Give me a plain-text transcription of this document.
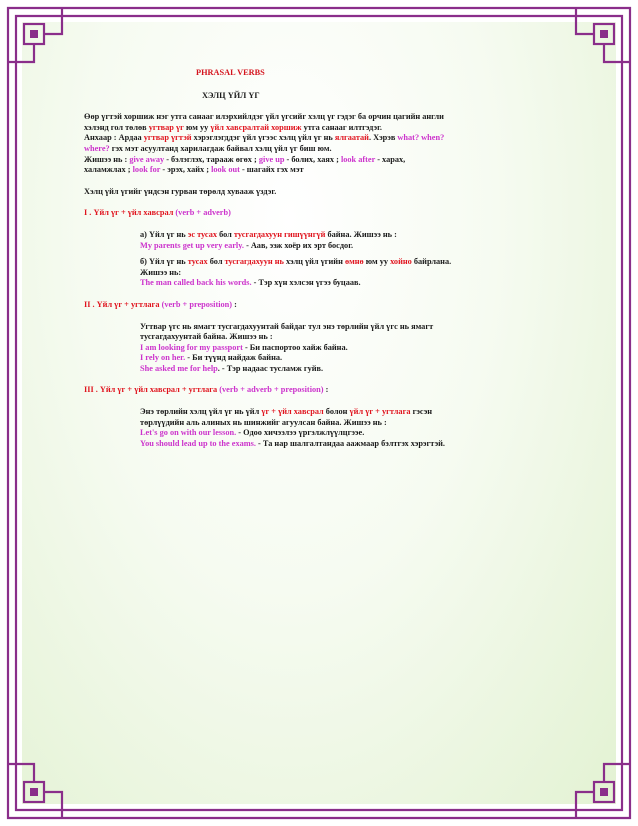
PHRASAL VERBS

ХЭЛЦ ҮЙЛ ҮГ

Өөр үгтэй хоршиж нэг утга санааг илэрхийлдэг үйл үгсийг хэлц үг гэдэг ба орчин цагийн англи

хэлэнд гол төлөв угтвар үг юм уу үйл хавсралтай хоршиж утга санааг илтгэдэг.

Анхаар : Ардаа угтвар үгтэй хэрэглэгддэг үйл үгээс хэлц үйл үг нь ялгаатай. Хэрэв what? when?

where? гэх мэт асуултанд харилагдаж байвал хэлц үйл үг биш юм.

Жишээ нь : give away - бэлэглэх, тарааж өгөх ; give up - болих, хаях ; look after - харах,

халамжлах ; look for - эрэх, хайх ; look out - шагайх гэх мэт

Хэлц үйл үгийг үндсэн гурван төрөлд хувааж үздэг.

I . Үйл үг + үйл хавсрал (verb + adverb)

а) Үйл үг нь эс тусах бол тусгагдахуун гишүүнгүй байна. Жишээ нь :

My parents get up very early. - Аав, ээж хоёр их эрт босдог.

б) Үйл үг нь тусах бол тусгагдахуун нь хэлц үйл үгийн өмнө юм уу хойно байрлана.

Жишээ нь:

The man called back his words. - Тэр хүн хэлсэн үгээ буцаав.

II . Үйл үг + угтлага (verb + preposition) :

Угтвар үгс нь ямагт тусгагдахуунтай байдаг тул энэ төрлийн үйл үгс нь ямагт

тусгагдахуунтай байна. Жишээ нь :

I am looking for my passport - Би паспортоо хайж байна.

I rely on her. - Би түүнд найдаж байна.

She asked me for help. - Тэр надаас тусламж гуйв.

III . Үйл үг + үйл хавсрал + угтлага (verb + adverb + preposition) :

Энэ төрлийн хэлц үйл үг нь үйл үг + үйл хавсрал болон үйл үг + угтлага гэсэн

төрлүүдийн аль алиных нь шинжийг агуулсан байна. Жишээ нь :

Let's go on with our lesson. - Одоо хичээлээ үргэлжлүүлцгээе.

You should lead up to the exams. - Та нар шалгалтандаа аажмаар бэлтгэх хэрэгтэй.
